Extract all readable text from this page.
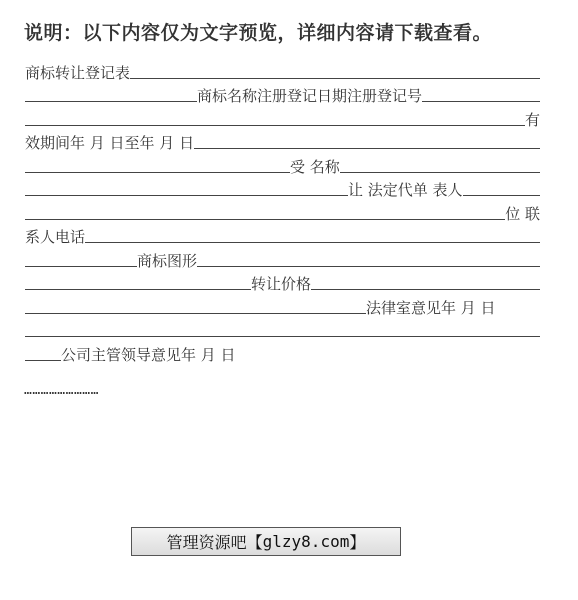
说明：以下内容仅为文字预览，详细内容请下载查看。
商标转让登记表
商标名称注册登记日期注册登记号
有
效期间年 月 日至年 月 日
受 名称
让 法定代单 表人
位 联
系人电话
商标图形
转让价格
法律室意见年 月 日
公司主管领导意见年 月 日
………………………
管理资源吧【 glzy8.com 】
